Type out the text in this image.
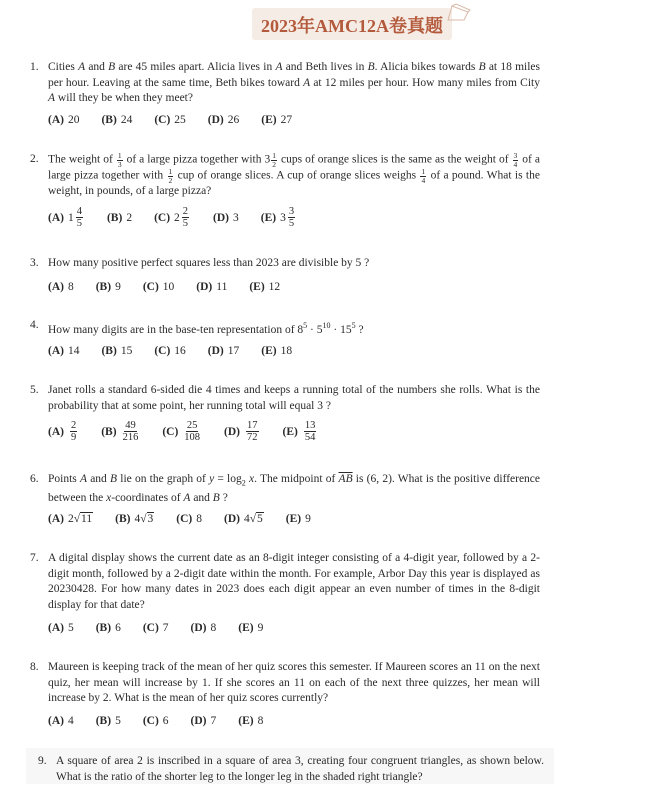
2023年AMC12A卷真题
1. Cities A and B are 45 miles apart. Alicia lives in A and Beth lives in B. Alicia bikes towards B at 18 miles per hour. Leaving at the same time, Beth bikes toward A at 12 miles per hour. How many miles from City A will they be when they meet?
(A) 20 (B) 24 (C) 25 (D) 26 (E) 27
2. The weight of $\frac{1}{3}$ of a large pizza together with $3 \frac{1}{2}$ cups of orange slices is the same as the weight of $\frac{3}{4}$ of a large pizza together with $\frac{1}{2}$ cup of orange slices. A cup of orange slices weighs $\frac{1}{4}$ of a pound. What is the weight, in pounds, of a large pizza?
(A) $1 \frac{4}{5} (B)$ 2 (C) $2 \frac{2}{5} (D)$ 3 (E) $3 \frac{3}{5}$
3. How many positive perfect squares less than 2023 are divisible by 5 ?
(A) 8 (B) 9 (C) 10 (D) 11 (E) 12
4. How many digits are in the base-ten representation of $8^5 \cdot 5^{10} \cdot 15^5$ ?
(A) 14 (B) 15 (C) 16 (D) 17 (E) 18
5. Janet rolls a standard 6-sided die 4 times and keeps a running total of the numbers she rolls. What is the probability that at some point, her running total will equal 3 ?
$(A) \frac{2}{9} (B) \frac{49}{216} (C) \frac{25}{108} (D) \frac{17}{72} (E) \frac{13}{54}$
6. Points A and B lie on the graph of $y = \log_2 x$. The midpoint of $\overline{AB}$ is (6, 2). What is the positive difference between the x-coordinates of A and B ?
(A) 2 √ 11 (B) 4 √ 3 (C) 8 (D) 4 √ 5 (E) 9
7. A digital display shows the current date as an 8-digit integer consisting of a 4-digit year, followed by a 2-digit month, followed by a 2-digit date within the month. For example, Arbor Day this year is displayed as 20230428. For how many dates in 2023 does each digit appear an even number of times in the 8-digit display for that date?
(A) 5 (B) 6 (C) 7 (D) 8 (E) 9
8. Maureen is keeping track of the mean of her quiz scores this semester. If Maureen scores an 11 on the next quiz, her mean will increase by 1. If she scores an 11 on each of the next three quizzes, her mean will increase by 2. What is the mean of her quiz scores currently?
(A) 4 (B) 5 (C) 6 (D) 7 (E) 8
9. A square of area 2 is inscribed in a square of area 3, creating four congruent triangles, as shown below. What is the ratio of the shorter leg to the longer leg in the shaded right triangle?
